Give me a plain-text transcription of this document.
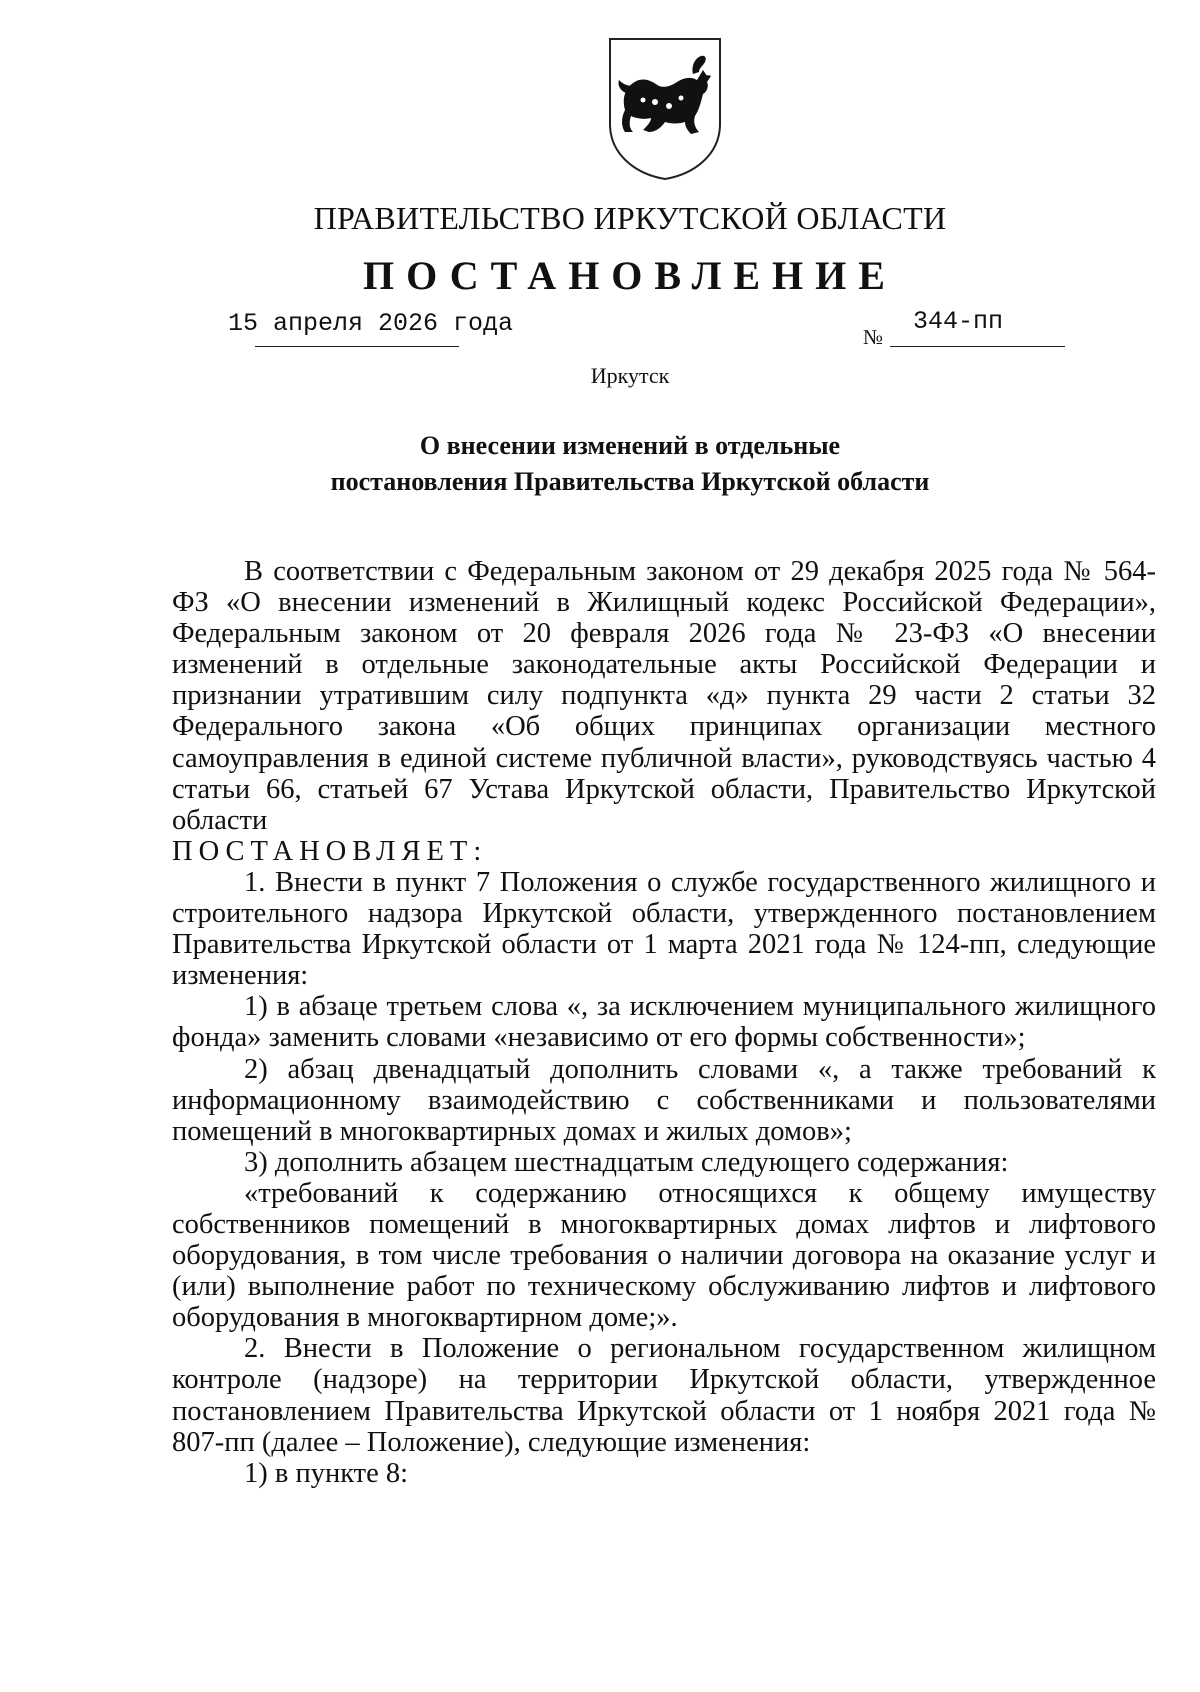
ПРАВИТЕЛЬСТВО ИРКУТСКОЙ ОБЛАСТИ
ПОСТАНОВЛЕНИЕ
15 апреля 2026 года	№
344-пп
Иркутск
О внесении изменений в отдельные
постановления Правительства Иркутской области

В соответствии с Федеральным законом от 29 декабря 2025 года № 564-ФЗ «О внесении изменений в Жилищный кодекс Российской Федерации», Федеральным законом от 20 февраля 2026 года № 23-ФЗ «О внесении изменений в отдельные законодательные акты Российской Федерации и признании утратившим силу подпункта «д» пункта 29 части 2 статьи 32 Федерального закона «Об общих принципах организации местного самоуправления в единой системе публичной власти», руководствуясь частью 4 статьи 66, статьей 67 Устава Иркутской области, Правительство Иркутской области

ПОСТАНОВЛЯЕТ:

1. Внести в пункт 7 Положения о службе государственного жилищного и строительного надзора Иркутской области, утвержденного постановлением Правительства Иркутской области от 1 марта 2021 года № 124-пп, следующие изменения:

1) в абзаце третьем слова «, за исключением муниципального жилищного фонда» заменить словами «независимо от его формы собственности»;

2) абзац двенадцатый дополнить словами «, а также требований к информационному взаимодействию с собственниками и пользователями помещений в многоквартирных домах и жилых домов»;

3) дополнить абзацем шестнадцатым следующего содержания:

«требований к содержанию относящихся к общему имуществу собственников помещений в многоквартирных домах лифтов и лифтового оборудования, в том числе требования о наличии договора на оказание услуг и (или) выполнение работ по техническому обслуживанию лифтов и лифтового оборудования в многоквартирном доме;».

2. Внести в Положение о региональном государственном жилищном контроле (надзоре) на территории Иркутской области, утвержденное постановлением Правительства Иркутской области от 1 ноября 2021 года № 807-пп (далее – Положение), следующие изменения:

1) в пункте 8:
